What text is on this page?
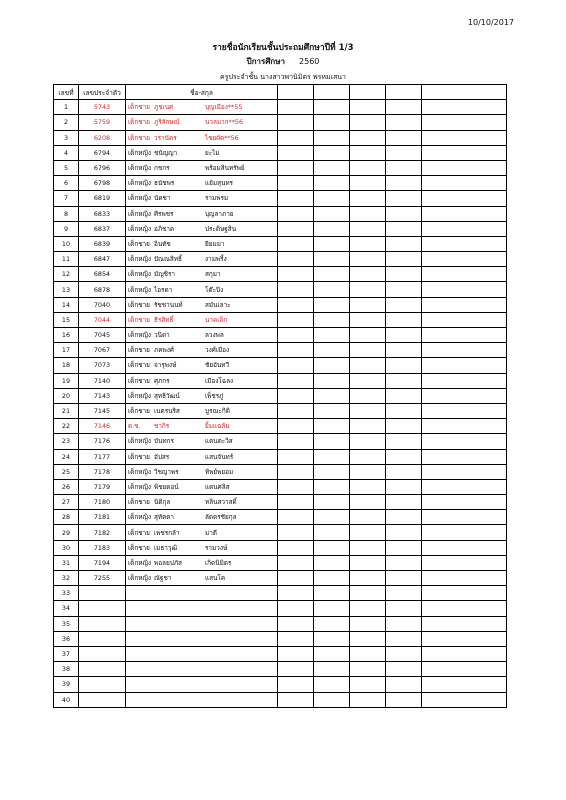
10/10/2017
รายชื่อนักเรียนชั้นประถมศึกษาปีที่ 1/3
ปีการศึกษา 2560
ครูประจำชั้น นางสาวพานิมิตร พรหมเสนา
เลขที่	เลขประจำตัว	ชื่อ-สกุล					
1	5743	เด็กชาย ภูชเนศ บุญเมือง**55					
2	5759	เด็กชาย ภูริลักษณ์ นวลมาก**56					
3	6208	เด็กชาย วรานัคร ไชยผัด**56					
4	6794	เด็กหญิง ชนัญญา ยะไม					
5	6796	เด็กหญิง กชกร พร้อมสินทรัพย์					
6	6798	เด็กหญิง ธนัชพร แย้มสุนทร					
7	6819	เด็กหญิง นัดชา รามพรม					
8	6833	เด็กหญิง ศิรพชร บุญลาภาย					
9	6837	เด็กหญิง อภิชาด ประดิษฐสิน					
10	6839	เด็กชาย อินทัช ยียมมา					
11	6847	เด็กหญิง ปัณณสิทธิ์ งามพริ้ง					
12	6854	เด็กหญิง มัญชิรา สกุมา					
13	6878	เด็กหญิง ไอรดา โต๊ะปิง					
14	7040	เด็กชาย รัชชานนท์ สมันเลาะ					
15	7044	เด็กชาย ธีรสิทธิ์ นาคเล็ก					
16	7045	เด็กหญิง วนิดา ลวงพล					
17	7067	เด็กชาย ภคพงศ์ วงศ์เมือง					
18	7073	เด็กชาย จารุพงษ์ ชัยอันทวี					
19	7140	เด็กชาย ศุภกร เมืองโฉลง					
20	7143	เด็กหญิง สุทธิวัฒน์ เพ็ชรภู่					
21	7145	เด็กชาย เนตรนริส บูรณะกิติ					
22	7146	ด.ช. ชากิร ยิ้มแฉล้ม					
23	7176	เด็กหญิง บันทกร แดนตะวิส					
24	7177	เด็กชาย อัปสร แสนจันทร์					
25	7178	เด็กหญิง วิชญาพร ทิพย์พยอม					
26	7179	เด็กหญิง พิชยดอน์ แดนศลิส					
27	7180	เด็กชาย นิติกุล หลินสวาสดิ์					
28	7181	เด็กหญิง สุทัตดา ลัดดรชัยกุล					
29	7182	เด็กชาย เพชรกล้า มาดี					
30	7183	เด็กชาย เมธาวุฒิ รามวงษ์					
31	7194	เด็กหญิง พอลยปภัส เกิดนิมิตร					
32	7255	เด็กหญิง ณัฐชา แสนโค					
33							
34							
35							
36							
37							
38							
39							
40							
